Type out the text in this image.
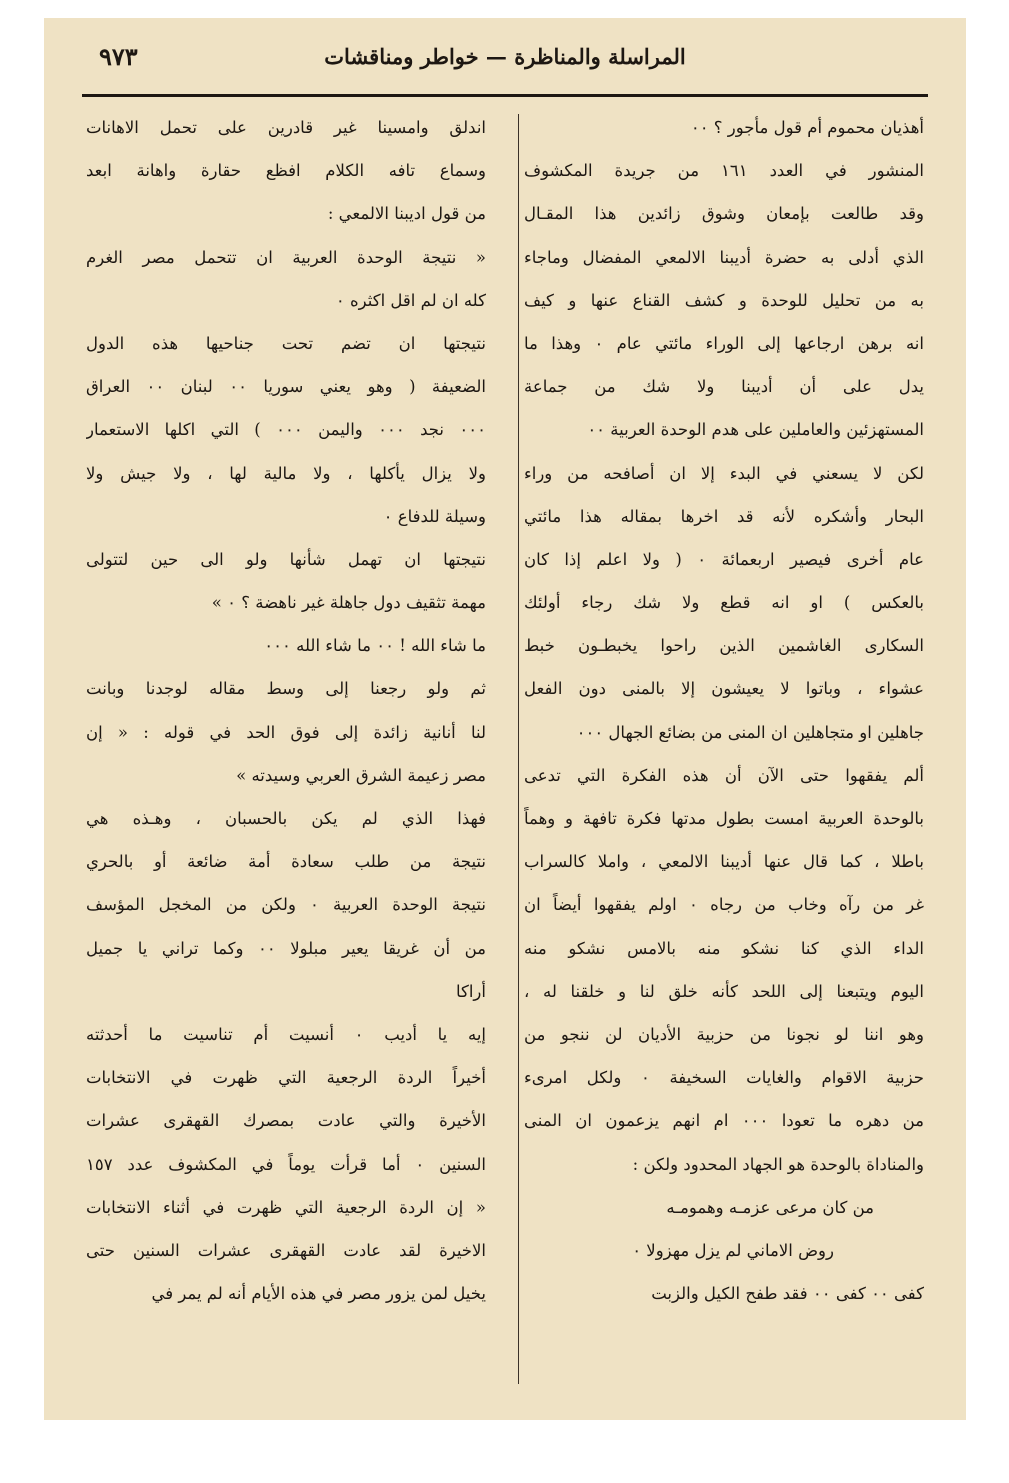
المراسلة والمناظرة — خواطر ومناقشات
٩٧٣
أهذيان محموم أم قول مأجور ؟ ٠٠
المنشور في العدد ١٦١ من جريدة المكشوف
وقد طالعت بإمعان وشوق زائدين هذا المقـال
الذي أدلى به حضرة أديبنا الالمعي المفضال وماجاء
به من تحليل للوحدة و كشف القناع عنها و كيف
انه برهن ارجاعها إلى الوراء مائتي عام ٠ وهذا ما
يدل على أن أديبنا ولا شك من جماعة
المستهزئين والعاملين على هدم الوحدة العربية ٠٠
لكن لا يسعني في البدء إلا ان أصافحه من وراء
البحار وأشكره لأنه قد اخرها بمقاله هذا مائتي
عام أخرى فيصير اربعمائة ٠ ( ولا اعلم إذا كان
بالعكس ) او انه قطع ولا شك رجاء أولئك
السكارى الغاشمين الذين راحوا يخبطـون خبط
عشواء ، وباتوا لا يعيشون إلا بالمنى دون الفعل
جاهلين او متجاهلين ان المنى من بضائع الجهال ٠٠٠
ألم يفقهوا حتى الآن أن هذه الفكرة التي تدعى
بالوحدة العربية امست بطول مدتها فكرة تافهة و وهماً
باطلا ، كما قال عنها أديبنا الالمعي ، واملا كالسراب
غر من رآه وخاب من رجاه ٠ اولم يفقهوا أيضاً ان
الداء الذي كنا نشكو منه بالامس نشكو منه
اليوم ويتبعنا إلى اللحد كأنه خلق لنا و خلقنا له ،
وهو اننا لو نجونا من حزبية الأديان لن ننجو من
حزبية الاقوام والغايات السخيفة ٠ ولكل امرىء
من دهره ما تعودا ٠٠٠ ام انهم يزعمون ان المنى
والمناداة بالوحدة هو الجهاد المحدود ولكن :
من كان مرعى عزمـه وهمومـه
روض الاماني لم يزل مهزولا ٠
كفى ٠٠ كفى ٠٠ فقد طفح الكيل والزبت
اندلق وامسينا غير قادرين على تحمل الاهانات
وسماع تافه الكلام افظع حقارة واهانة ابعد
من قول اديبنا الالمعي :
« نتيجة الوحدة العربية ان تتحمل مصر الغرم
كله ان لم اقل اكثره ٠
نتيجتها ان تضم تحت جناحيها هذه الدول
الضعيفة ( وهو يعني سوريا ٠٠ لبنان ٠٠ العراق
٠٠٠ نجد ٠٠٠ واليمن ٠٠٠ ) التي اكلها الاستعمار
ولا يزال يأكلها ، ولا مالية لها ، ولا جيش ولا
وسيلة للدفاع ٠
نتيجتها ان تهمل شأنها ولو الى حين لتتولى
مهمة تثقيف دول جاهلة غير ناهضة ؟ ٠ »
ما شاء الله ! ٠٠ ما شاء الله ٠٠٠
ثم ولو رجعنا إلى وسط مقاله لوجدنا وبانت
لنا أنانية زائدة إلى فوق الحد في قوله : « إن
مصر زعيمة الشرق العربي وسيدته »
فهذا الذي لم يكن بالحسبان ، وهـذه هي
نتيجة من طلب سعادة أمة ضائعة أو بالحري
نتيجة الوحدة العربية ٠ ولكن من المخجل المؤسف
من أن غريقا يعير مبلولا ٠٠ وكما تراني يا جميل
أراكا
إيه يا أديب ٠ أنسيت أم تناسيت ما أحدثته
أخيراً الردة الرجعية التي ظهرت في الانتخابات
الأخيرة والتي عادت بمصرك القهقرى عشرات
السنين ٠ أما قرأت يوماً في المكشوف عدد ١٥٧
« إن الردة الرجعية التي ظهرت في أثناء الانتخابات
الاخيرة لقد عادت القهقرى عشرات السنين حتى
يخيل لمن يزور مصر في هذه الأيام أنه لم يمر في
